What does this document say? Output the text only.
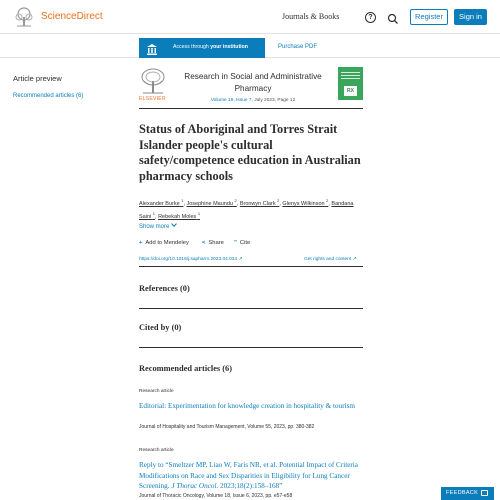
ScienceDirect	Journals & Books	?	Register	Sign in
Access through your institution	Purchase PDF
Article preview
Recommended articles (6)	ELSEVIER
Research in Social and Administrative Pharmacy
Volume 19, Issue 7, July 2023, Page 12
RX
Status of Aboriginal and Torres Strait Islander people's cultural safety/competence education in Australian pharmacy schools
Alexander Burke $^1$, Josephine Maundu $^2$, Bronwyn Clark $^2$, Glenys Wilkinson $^2$, Bandana Saini $^1$, Rebekah Moles $^1$
Show more
+ Add to Mendeley < Share ” Cite
https://doi.org/10.1016/j.sapharm.2023.04.034 ↗	Get rights and content ↗
References (0)
Cited by (0)
Recommended articles (6)
Research article
Editorial: Experimentation for knowledge creation in hospitality & tourism
Journal of Hospitality and Tourism Management, Volume 55, 2023, pp. 380-382
Research article
Reply to “Smeltzer MP, Liao W, Faris NR, et al. Potential Impact of Criteria Modifications on Race and Sex Disparities in Eligibility for Lung Cancer Screening. J Thorac Oncol. 2023;18(2):158–168”
Journal of Thoracic Oncology, Volume 18, Issue 6, 2023, pp. e57-e58	FEEDBACK
